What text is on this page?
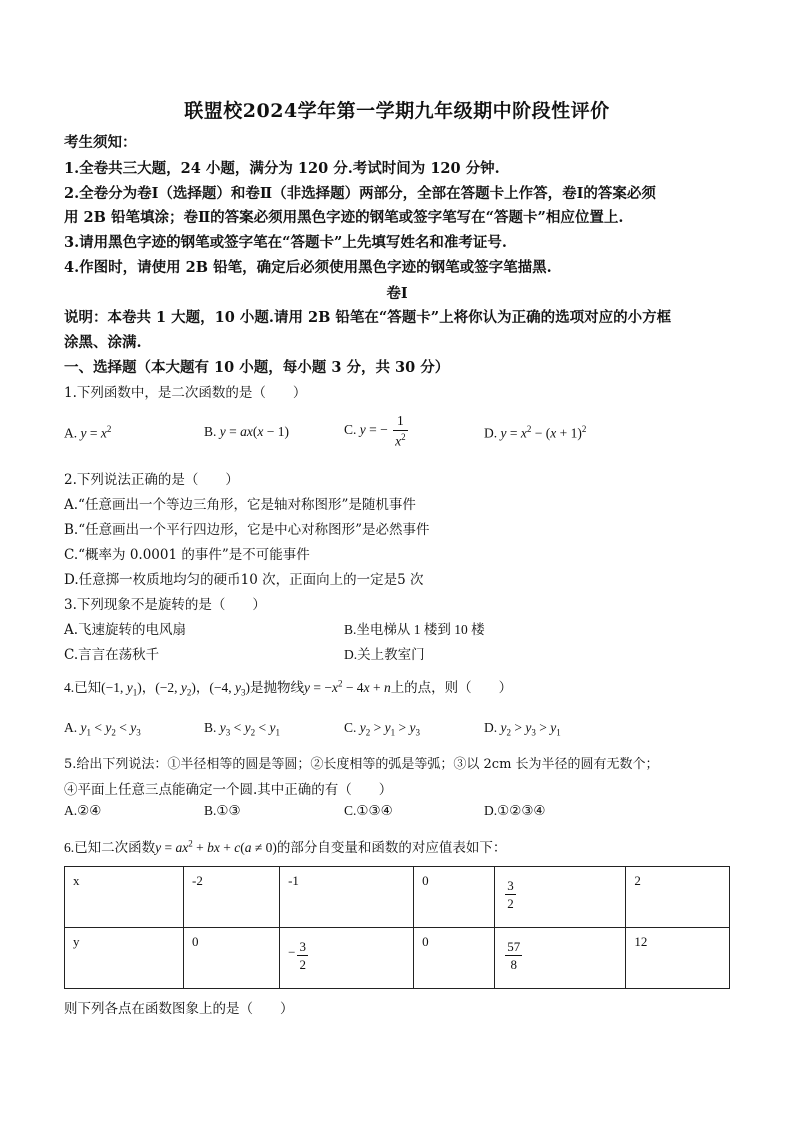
联盟校2024学年第一学期九年级期中阶段性评价
考生须知：
1.全卷共三大题，24 小题，满分为 120 分.考试时间为 120 分钟.
2.全卷分为卷Ⅰ（选择题）和卷Ⅱ（非选择题）两部分，全部在答题卡上作答，卷Ⅰ的答案必须
用 2B 铅笔填涂；卷Ⅱ的答案必须用黑色字迹的钢笔或签字笔写在“答题卡”相应位置上.
3.请用黑色字迹的钢笔或签字笔在“答题卡”上先填写姓名和准考证号.
4.作图时，请使用 2B 铅笔，确定后必须使用黑色字迹的钢笔或签字笔描黑.
卷Ⅰ
说明：本卷共 1 大题，10 小题.请用 2B 铅笔在“答题卡”上将你认为正确的选项对应的小方框
涂黑、涂满.
一、选择题（本大题有 10 小题，每小题 3 分，共 30 分）
1.下列函数中，是二次函数的是（　　）
A. $y = x^2$	B. y = ax(x − 1)	C. y = − $\frac{1}{x^2}$	D. $y = x^2 - (x + 1)^2$
2.下列说法正确的是（　　）
A.“任意画出一个等边三角形，它是轴对称图形”是随机事件
B.“任意画出一个平行四边形，它是中心对称图形”是必然事件
C.“概率为 0.0001 的事件”是不可能事件
D.任意掷一枚质地均匀的硬币10 次，正面向上的一定是5 次
3.下列现象不是旋转的是（　　）
A.飞速旋转的电风扇	B.坐电梯从 1 楼到 10 楼
C.言言在荡秋千	D.关上教室门
4.已知(−1, $y_1$)，(−2, $y_2$)，(−4, $y_3$)是抛物线$y = -x^2 - 4x + n$上的点，则（　　）
A. $y_1 < y_2 < y_3$	B. $y_3 < y_2 < y_1$	C. $y_2 > y_1 > y_3$	D. $y_2 > y_3 > y_1$
5.给出下列说法：①半径相等的圆是等圆；②长度相等的弧是等弧；③以 2cm 长为半径的圆有无数个；
④平面上任意三点能确定一个圆.其中正确的有（　　）
A.②④	B.①③	C.①③④	D.①②③④
6.已知二次函数$y = ax^2$ + bx + c(a ≠ 0)的部分自变量和函数的对应值表如下：
x	-2	-1	0	$\frac{3}{2}$	2
y	0	− $\frac{3}{2}$	0	$\frac{57}{8}$	12
则下列各点在函数图象上的是（　　）
